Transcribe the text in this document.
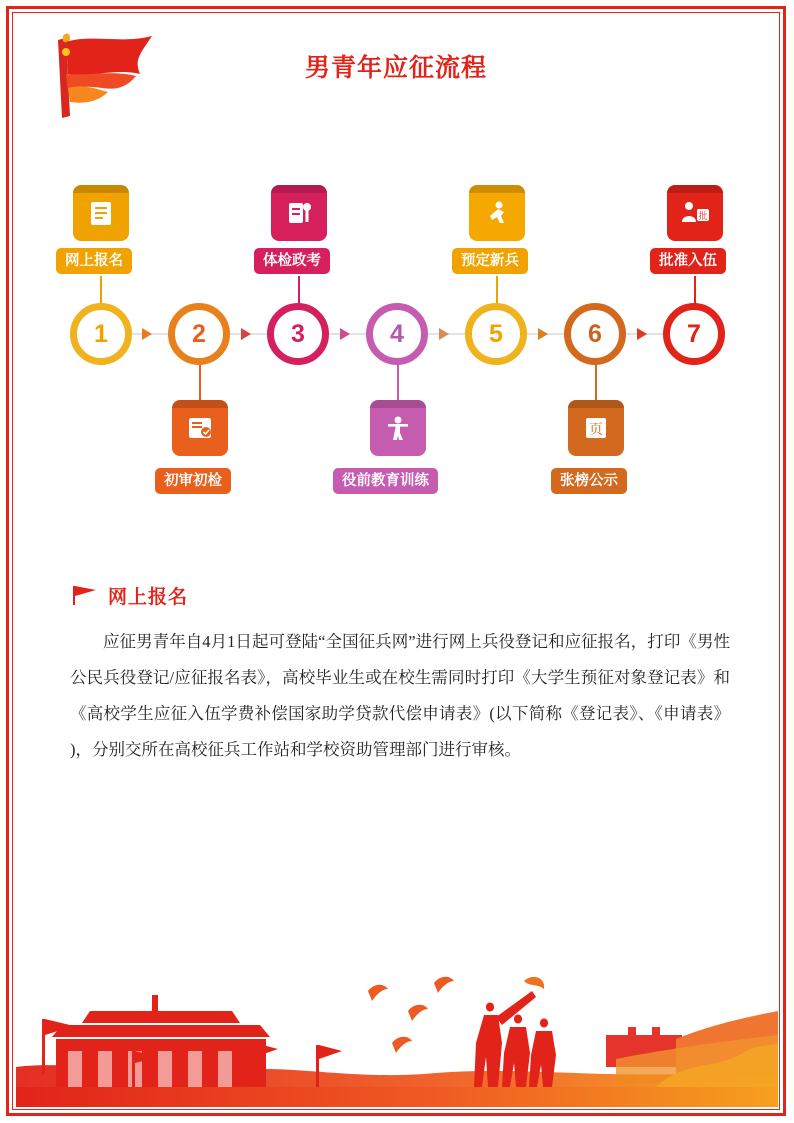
男青年应征流程
1	2	3	4	5	6	7
批
页
网上报名	体检政考	预定新兵	批准入伍
初审初检	役前教育训练	张榜公示
网上报名
应征男青年自4月1日起可登陆“全国征兵网”进行网上兵役登记和应征报名，打印《男性公民兵役登记/应征报名表》，高校毕业生或在校生需同时打印《大学生预征对象登记表》和《高校学生应征入伍学费补偿国家助学贷款代偿申请表》(以下简称《登记表》、《申请表》 )，分别交所在高校征兵工作站和学校资助管理部门进行审核。
